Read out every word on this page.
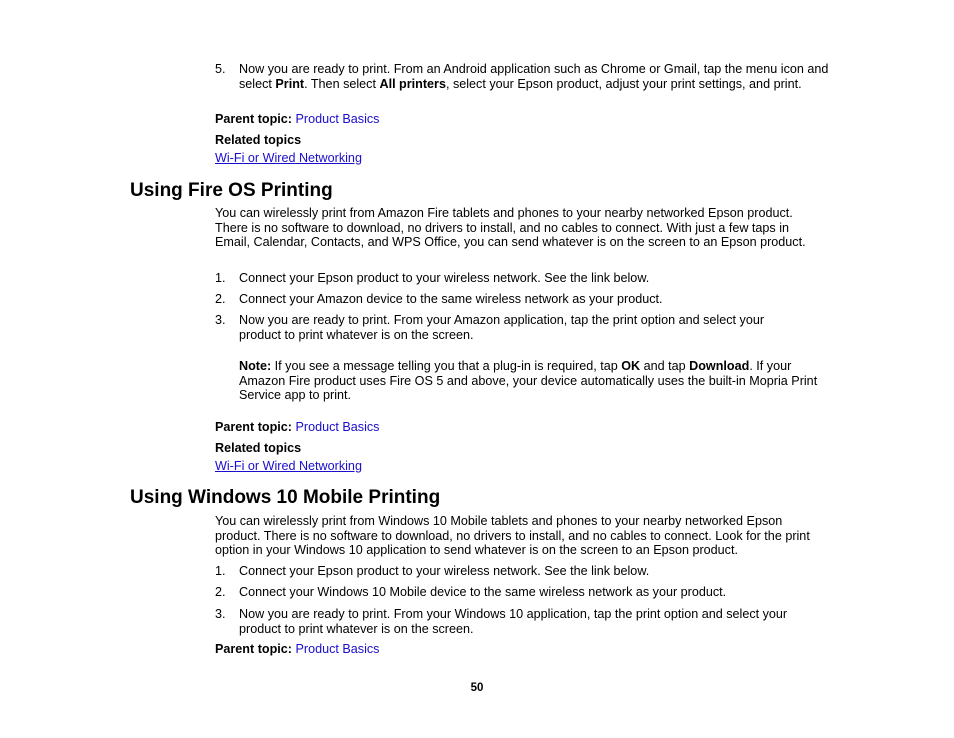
5.	Now you are ready to print. From an Android application such as Chrome or Gmail, tap the menu icon and select Print. Then select All printers, select your Epson product, adjust your print settings, and print.
Parent topic: Product Basics
Related topics
Wi-Fi or Wired Networking
Using Fire OS Printing
You can wirelessly print from Amazon Fire tablets and phones to your nearby networked Epson product. There is no software to download, no drivers to install, and no cables to connect. With just a few taps in Email, Calendar, Contacts, and WPS Office, you can send whatever is on the screen to an Epson product.
1.	Connect your Epson product to your wireless network. See the link below.
2.	Connect your Amazon device to the same wireless network as your product.
3.	Now you are ready to print. From your Amazon application, tap the print option and select your product to print whatever is on the screen.
Note: If you see a message telling you that a plug-in is required, tap OK and tap Download. If your Amazon Fire product uses Fire OS 5 and above, your device automatically uses the built-in Mopria Print Service app to print.
Parent topic: Product Basics
Related topics
Wi-Fi or Wired Networking
Using Windows 10 Mobile Printing
You can wirelessly print from Windows 10 Mobile tablets and phones to your nearby networked Epson product. There is no software to download, no drivers to install, and no cables to connect. Look for the print option in your Windows 10 application to send whatever is on the screen to an Epson product.
1.	Connect your Epson product to your wireless network. See the link below.
2.	Connect your Windows 10 Mobile device to the same wireless network as your product.
3.	Now you are ready to print. From your Windows 10 application, tap the print option and select your product to print whatever is on the screen.
Parent topic: Product Basics
50
